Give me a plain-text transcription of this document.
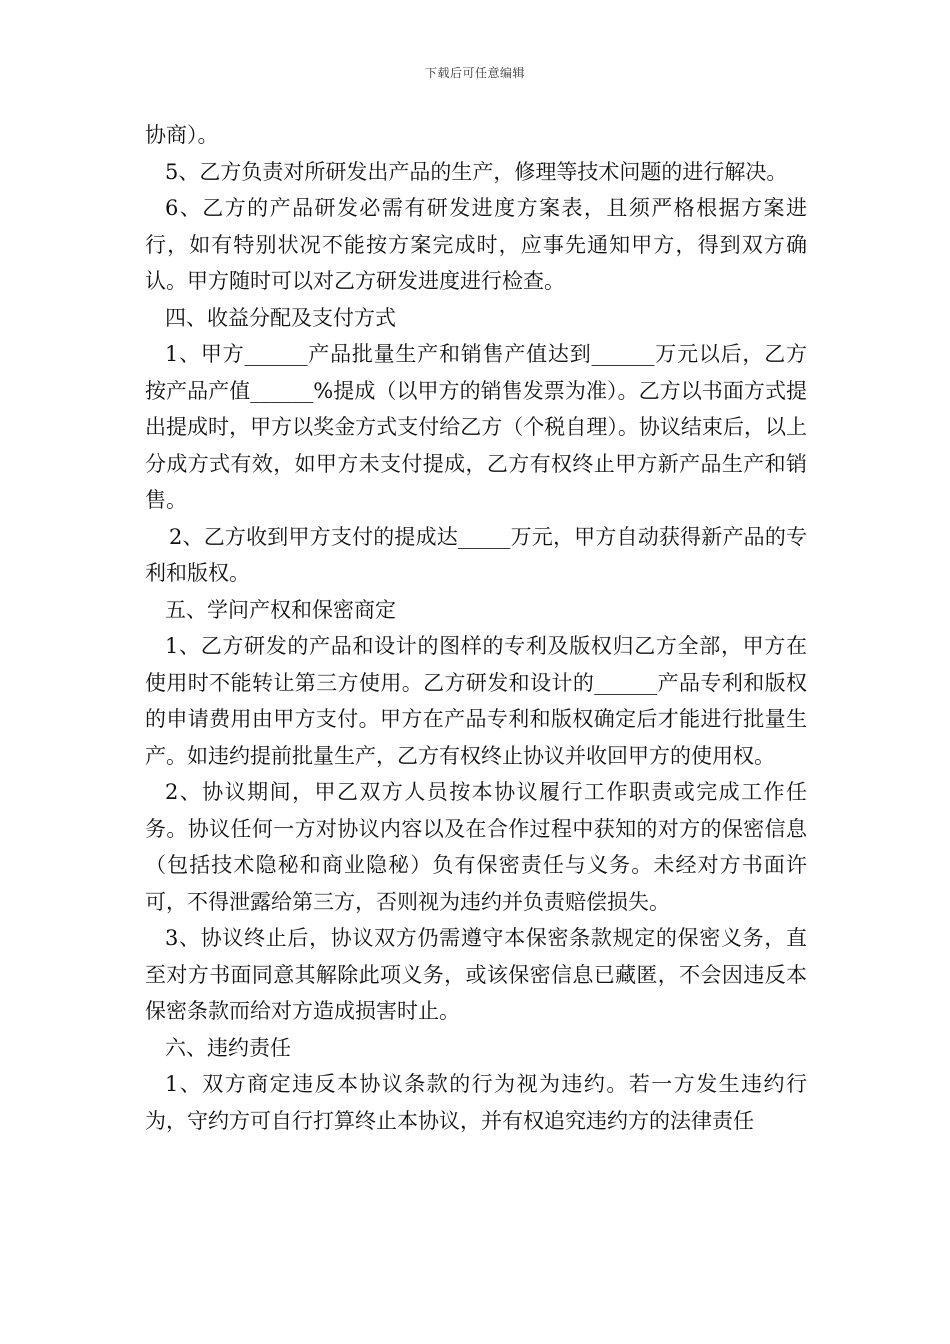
下载后可任意编辑

协商）。

5、乙方负责对所研发出产品的生产，修理等技术问题的进行解决。

6、乙方的产品研发必需有研发进度方案表，且须严格根据方案进行，如有特别状况不能按方案完成时，应事先通知甲方，得到双方确认。甲方随时可以对乙方研发进度进行检查。

四、收益分配及支付方式

1、甲方______产品批量生产和销售产值达到______万元以后，乙方按产品产值______%提成（以甲方的销售发票为准）。乙方以书面方式提出提成时，甲方以奖金方式支付给乙方（个税自理）。协议结束后，以上分成方式有效，如甲方未支付提成，乙方有权终止甲方新产品生产和销售。

2、乙方收到甲方支付的提成达_____万元，甲方自动获得新产品的专利和版权。

五、学问产权和保密商定

1、乙方研发的产品和设计的图样的专利及版权归乙方全部，甲方在使用时不能转让第三方使用。乙方研发和设计的______产品专利和版权的申请费用由甲方支付。甲方在产品专利和版权确定后才能进行批量生产。如违约提前批量生产，乙方有权终止协议并收回甲方的使用权。

2、协议期间，甲乙双方人员按本协议履行工作职责或完成工作任务。协议任何一方对协议内容以及在合作过程中获知的对方的保密信息（包括技术隐秘和商业隐秘）负有保密责任与义务。未经对方书面许可，不得泄露给第三方，否则视为违约并负责赔偿损失。

3、协议终止后，协议双方仍需遵守本保密条款规定的保密义务，直至对方书面同意其解除此项义务，或该保密信息已藏匿，不会因违反本保密条款而给对方造成损害时止。

六、违约责任

1、双方商定违反本协议条款的行为视为违约。若一方发生违约行为，守约方可自行打算终止本协议，并有权追究违约方的法律责任
